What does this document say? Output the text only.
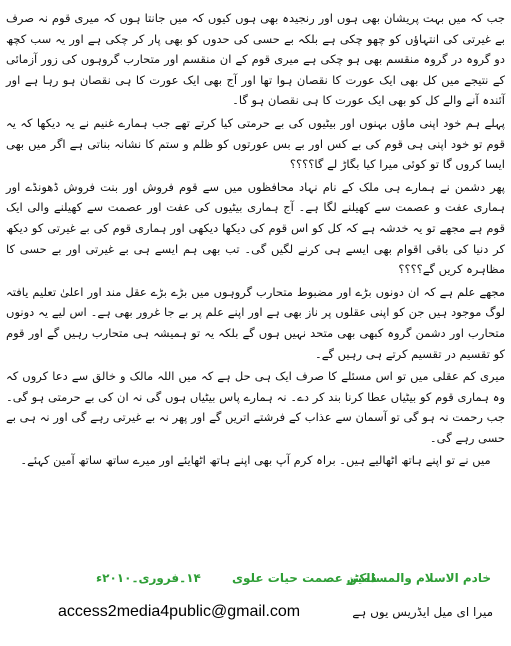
جب کہ میں بہت پریشان بھی ہوں اور رنجیدہ بھی ہوں کیوں کہ میں جانتا ہوں کہ میری قوم نہ صرف بے غیرتی کی انتہاؤں کو چھو چکی ہے بلکہ بے حسی کی حدوں کو بھی پار کر چکی ہے اور یہ سب کچھ دو گروہ در گروہ منقسم بھی ہو چکی ہے میری قوم کے ان منقسم اور متحارب گروہوں کی زور آزمائی کے نتیجے میں کل بھی ایک عورت کا نقصان ہوا تھا اور آج بھی ایک عورت کا ہی نقصان ہو رہا ہے اور آئندہ آنے والے کل کو بھی ایک عورت کا ہی نقصان ہو گا۔

پہلے ہم خود اپنی ماؤں بہنوں اور بیٹیوں کی بے حرمتی کیا کرتے تھے جب ہمارے غنیم نے یہ دیکھا کہ یہ قوم تو خود اپنی ہی قوم کی بے کس اور بے بس عورتوں کو ظلم و ستم کا نشانہ بناتی ہے اگر میں بھی ایسا کروں گا تو کوئی میرا کیا بگاڑ لے گا؟؟؟؟

پھر دشمن نے ہمارے ہی ملک کے نام نہاد محافظوں میں سے قوم فروش اور بنت فروش ڈھونڈے اور ہماری عفت و عصمت سے کھیلنے لگا ہے۔ آج ہماری بیٹیوں کی عفت اور عصمت سے کھیلنے والی ایک قوم ہے مجھے تو یہ خدشہ ہے کہ کل کو اس قوم کی دیکھا دیکھی اور ہماری قوم کی بے غیرتی کو دیکھ کر دنیا کی باقی اقوام بھی ایسے ہی کرنے لگیں گی۔ تب بھی ہم ایسے ہی بے غیرتی اور بے حسی کا مظاہرہ کریں گے؟؟؟؟

مجھے علم ہے کہ ان دونوں بڑے اور مضبوط متحارب گروہوں میں بڑے بڑے عقل مند اور اعلیٰ تعلیم یافتہ لوگ موجود ہیں جن کو اپنی عقلوں پر ناز بھی ہے اور اپنے علم پر بے جا غرور بھی ہے۔ اس لیے یہ دونوں متحارب اور دشمن گروہ کبھی بھی متحد نہیں ہوں گے بلکہ یہ تو ہمیشہ ہی متحارب رہیں گے اور قوم کو تقسیم در تقسیم کرتے ہی رہیں گے۔

میری کم عقلی میں تو اس مسئلے کا صرف ایک ہی حل ہے کہ میں اللہ مالک و خالق سے دعا کروں کہ وہ ہماری قوم کو بیٹیاں عطا کرنا بند کر دے۔ نہ ہمارے پاس بیٹیاں ہوں گی نہ ان کی بے حرمتی ہو گی۔ جب رحمت نہ ہو گی تو آسمان سے عذاب کے فرشتے اتریں گے اور پھر نہ بے غیرتی رہے گی اور نہ ہی بے حسی رہے گی۔

میں نے تو اپنے ہاتھ اٹھالیے ہیں۔ براہ کرم آپ بھی اپنے ہاتھ اٹھایئے اور میرے ساتھ ساتھ آمین کہئے۔

خادم الاسلام والمسلمین
ڈاکٹر عصمت حیات علوی
۱۴۔فروری۔۲۰۱۰ء
access2media4public@gmail.com	میرا ای میل ایڈریس یوں ہے
